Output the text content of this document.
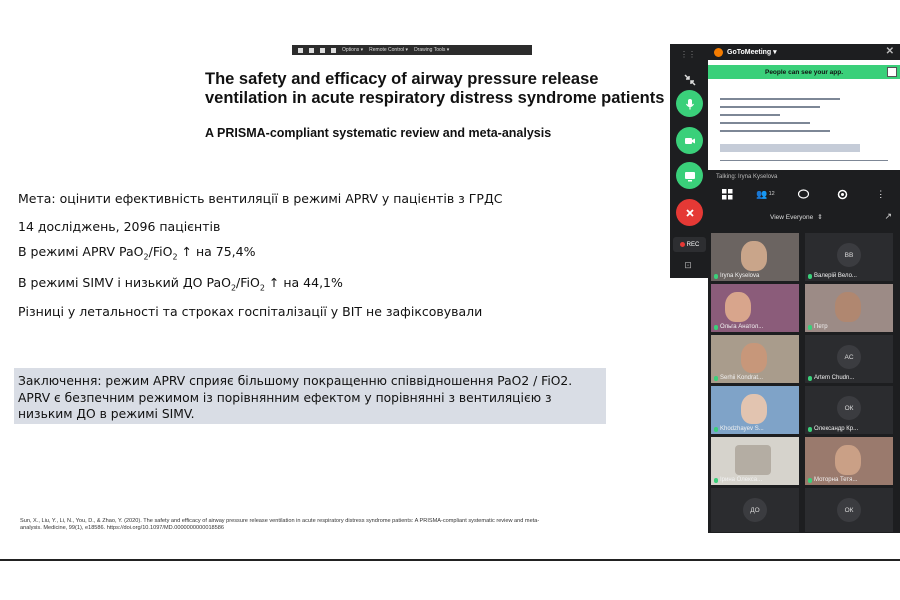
Options ▾ Remote Control ▾ Drawing Tools ▾
The safety and efficacy of airway pressure release ventilation in acute respiratory distress syndrome patients
A PRISMA-compliant systematic review and meta-analysis
Мета: оцінити ефективність вентиляції в режимі APRV у пацієнтів з ГРДС
14 досліджень, 2096 пацієнтів
В режимі APRV PaO$_2$/FiO$_2$ ↑ на 75,4%
В режимі SIMV і низький ДО PaO$_2$/FiO$_2$ ↑ на 44,1%
Різниці у летальності та строках госпіталізації у ВІТ не зафіксовували
Заключення: режим APRV сприяє більшому покращенню співвідношення PaO2 / FiO2. APRV є безпечним режимом із порівнянним ефектом у порівнянні з вентиляцією з низьким ДО в режимі SIMV.
Sun, X., Liu, Y., Li, N., You, D., & Zhao, Y. (2020). The safety and efficacy of airway pressure release ventilation in acute respiratory distress syndrome patients: A PRISMA-compliant systematic review and meta-
analysis. Medicine, 99(1), e18586. https://doi.org/10.1097/MD.0000000000018586
⋮⋮
⊡
REC
GoToMeeting ▾	✕
People can see your app.
Talking: Iryna Kyselova
👥 12	⋮
View Everyone ⇕	↗
Iryna Kyselova
ВВ
Валерій Вело...
Ольга Анатол...	Петр
Serhii Kondrat...
AC
Artem Chudn...
Khodzhayev S...
ОК
Олександр Кр...
Ірина Олекса...	Моторна Тетя...
ДО	ОК
